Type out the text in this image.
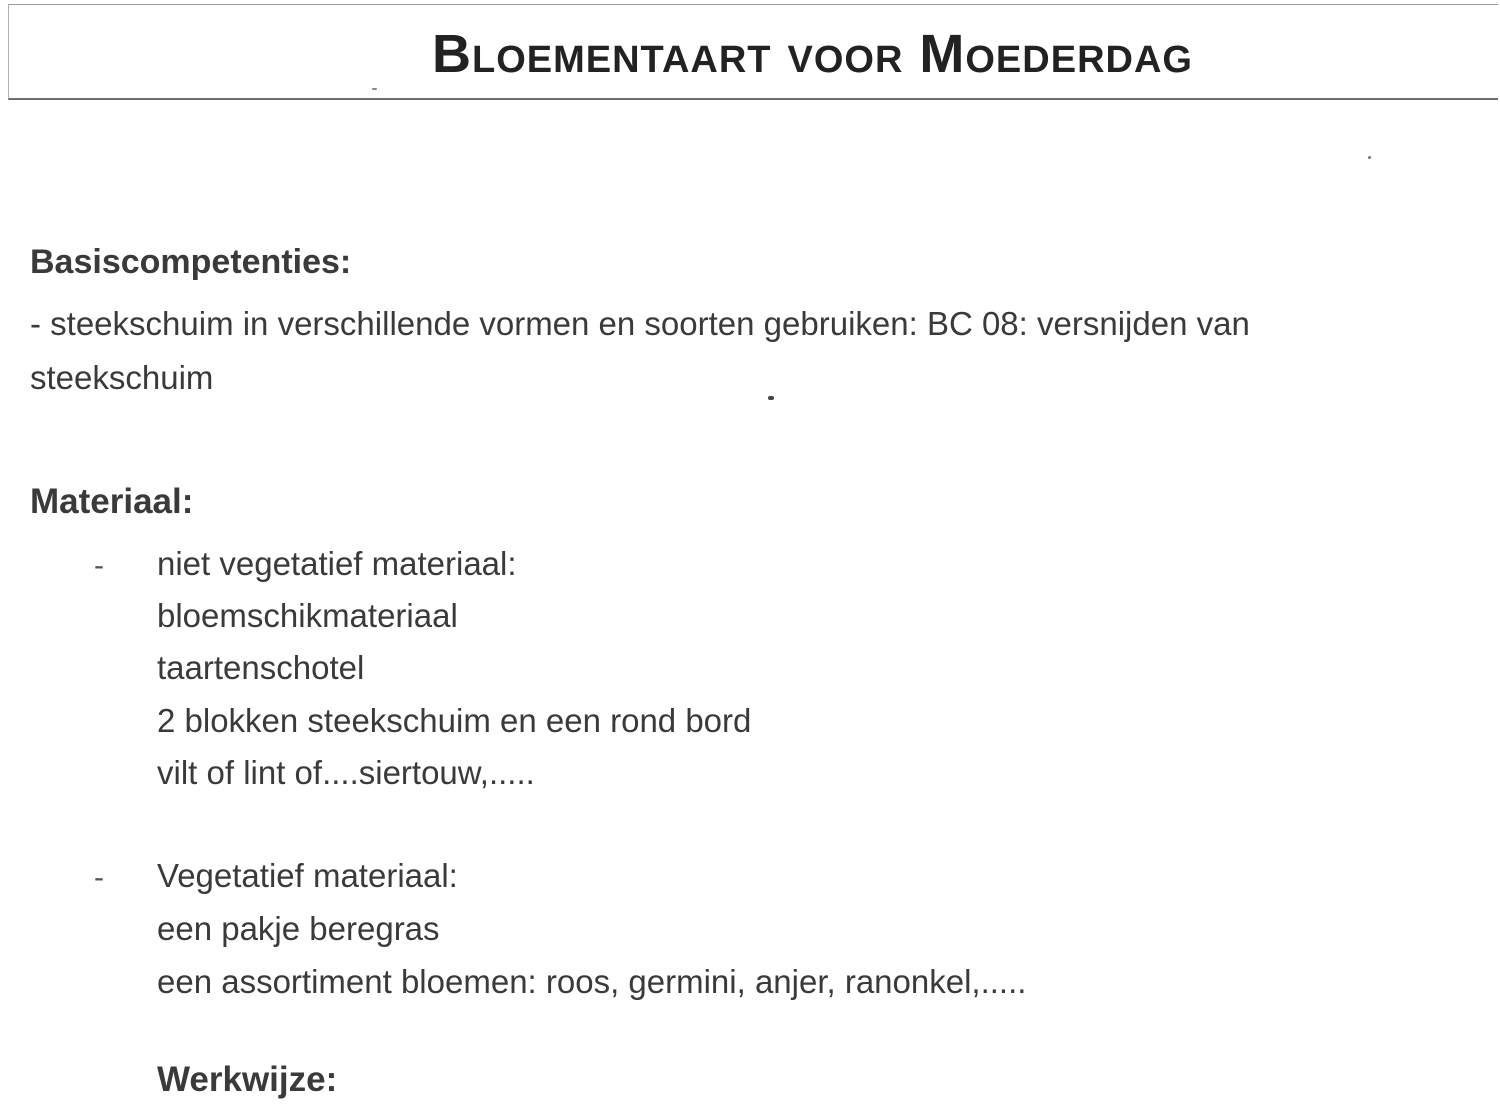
Bloementaart voor Moederdag
Basiscompetenties:

- steekschuim in verschillende vormen en soorten gebruiken: BC 08: versnijden van

steekschuim

Materiaal:
- niet vegetatief materiaal:

bloemschikmateriaal

taartenschotel

2 blokken steekschuim en een rond bord

vilt of lint of....siertouw,.....

- Vegetatief materiaal:

een pakje beregras

een assortiment bloemen: roos, germini, anjer, ranonkel,.....

Werkwijze:
